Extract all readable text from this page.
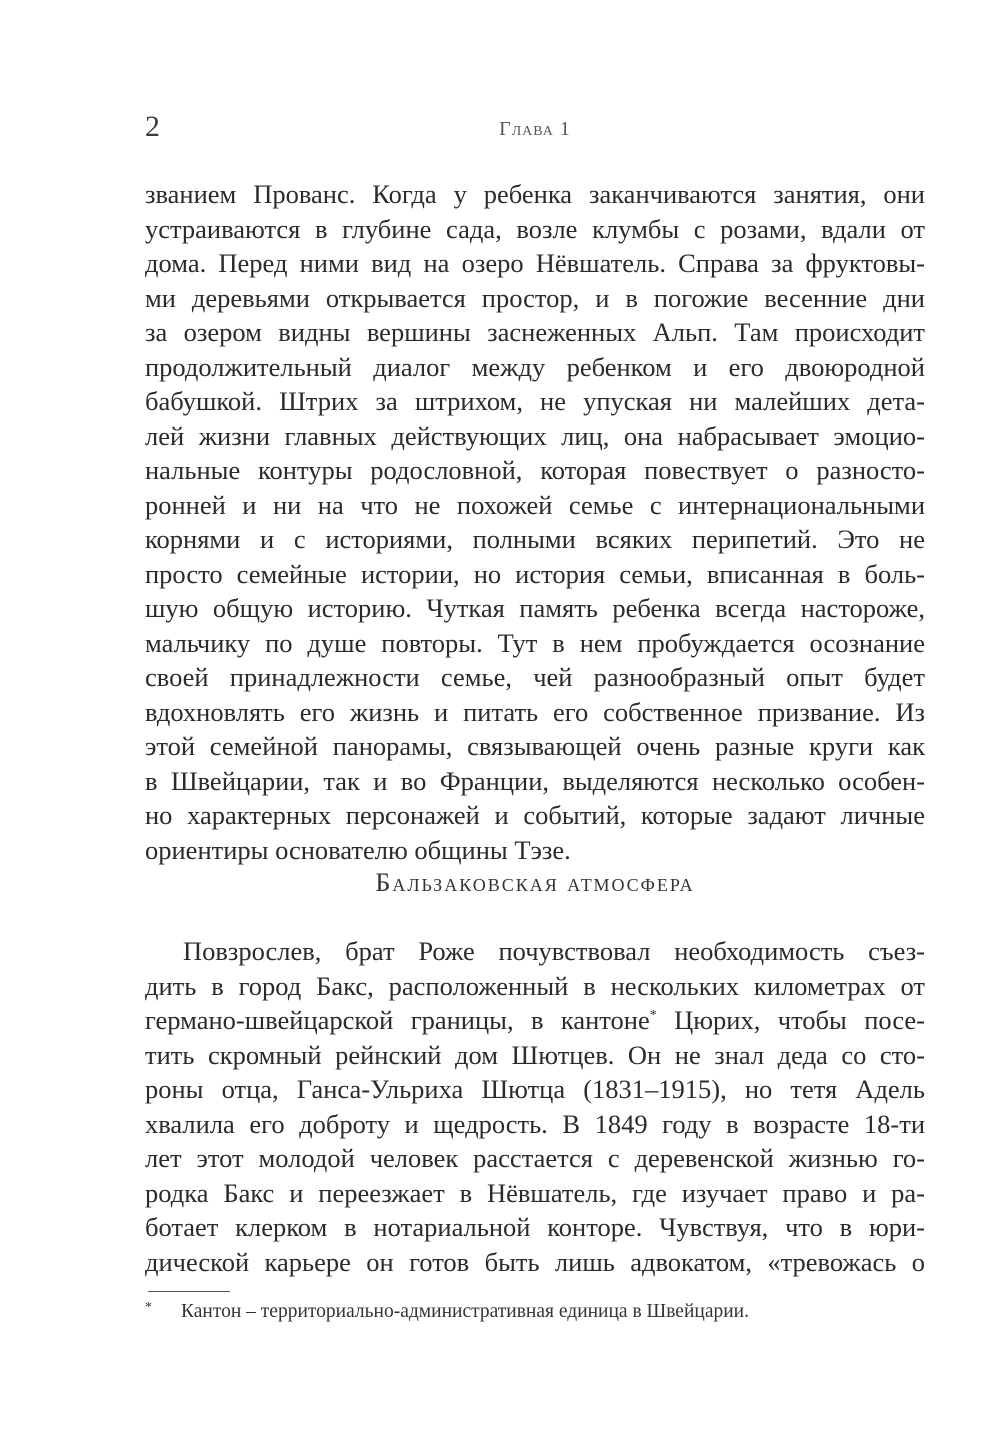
2	Глава 1
званием Прованс. Когда у ребенка заканчиваются занятия, они
устраиваются в глубине сада, возле клумбы с розами, вдали от
дома. Перед ними вид на озеро Нёвшатель. Справа за фруктовы-
ми деревьями открывается простор, и в погожие весенние дни
за озером видны вершины заснеженных Альп. Там происходит
продолжительный диалог между ребенком и его двоюродной
бабушкой. Штрих за штрихом, не упуская ни малейших дета-
лей жизни главных действующих лиц, она набрасывает эмоцио-
нальные контуры родословной, которая повествует о разносто-
ронней и ни на что не похожей семье с интернациональными
корнями и с историями, полными всяких перипетий. Это не
просто семейные истории, но история семьи, вписанная в боль-
шую общую историю. Чуткая память ребенка всегда настороже,
мальчику по душе повторы. Тут в нем пробуждается осознание
своей принадлежности семье, чей разнообразный опыт будет
вдохновлять его жизнь и питать его собственное призвание. Из
этой семейной панорамы, связывающей очень разные круги как
в Швейцарии, так и во Франции, выделяются несколько особен-
но характерных персонажей и событий, которые задают личные
ориентиры основателю общины Тэзе.
Бальзаковская атмосфера
Повзрослев, брат Роже почувствовал необходимость съез-
дить в город Бакс, расположенный в нескольких километрах от
германо-швейцарской границы, в кантоне* Цюрих, чтобы посе-
тить скромный рейнский дом Шютцев. Он не знал деда со сто-
роны отца, Ганса-Ульриха Шютца (1831–1915), но тетя Адель
хвалила его доброту и щедрость. В 1849 году в возрасте 18-ти
лет этот молодой человек расстается с деревенской жизнью го-
родка Бакс и переезжает в Нёвшатель, где изучает право и ра-
ботает клерком в нотариальной конторе. Чувствуя, что в юри-
дической карьере он готов быть лишь адвокатом, «тревожась о
* Кантон – территориально-административная единица в Швейцарии.
